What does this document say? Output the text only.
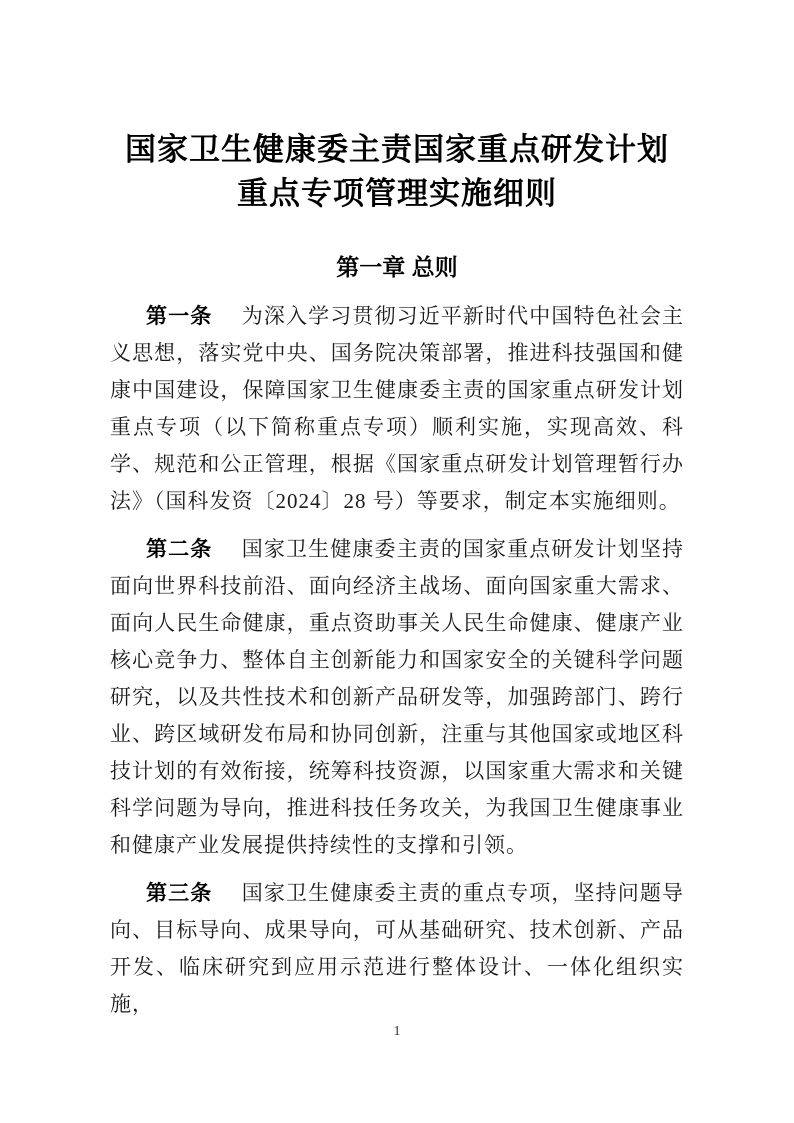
国家卫生健康委主责国家重点研发计划
重点专项管理实施细则
第一章 总则

第一条 为深入学习贯彻习近平新时代中国特色社会主义思想，落实党中央、国务院决策部署，推进科技强国和健康中国建设，保障国家卫生健康委主责的国家重点研发计划重点专项（以下简称重点专项）顺利实施，实现高效、科学、规范和公正管理，根据《国家重点研发计划管理暂行办法》（国科发资〔2024〕28 号）等要求，制定本实施细则。

第二条 国家卫生健康委主责的国家重点研发计划坚持面向世界科技前沿、面向经济主战场、面向国家重大需求、面向人民生命健康，重点资助事关人民生命健康、健康产业核心竞争力、整体自主创新能力和国家安全的关键科学问题研究，以及共性技术和创新产品研发等，加强跨部门、跨行业、跨区域研发布局和协同创新，注重与其他国家或地区科技计划的有效衔接，统筹科技资源，以国家重大需求和关键科学问题为导向，推进科技任务攻关，为我国卫生健康事业和健康产业发展提供持续性的支撑和引领。

第三条 国家卫生健康委主责的重点专项，坚持问题导向、目标导向、成果导向，可从基础研究、技术创新、产品开发、临床研究到应用示范进行整体设计、一体化组织实施，

1
